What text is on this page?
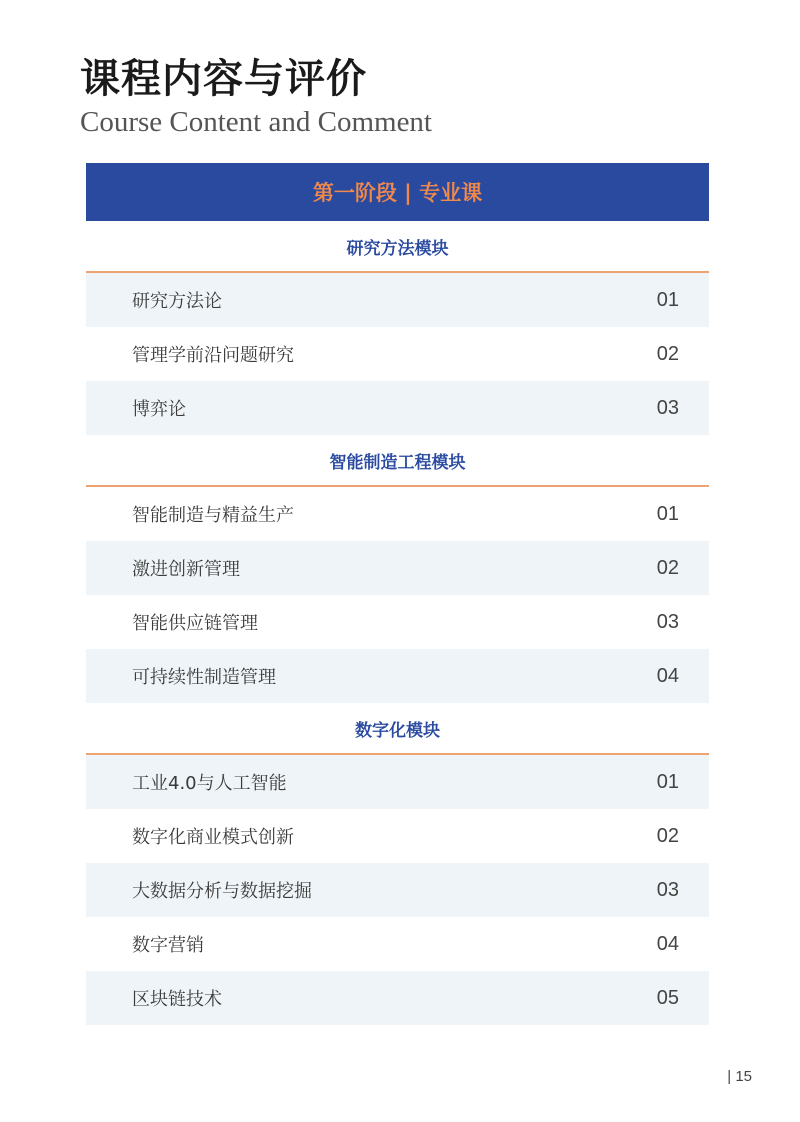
课程内容与评价
Course Content and Comment
第一阶段 | 专业课
研究方法模块
研究方法论	01
管理学前沿问题研究	02
博弈论	03
智能制造工程模块
智能制造与精益生产	01
激进创新管理	02
智能供应链管理	03
可持续性制造管理	04
数字化模块
工业4.0与人工智能	01
数字化商业模式创新	02
大数据分析与数据挖掘	03
数字营销	04
区块链技术	05
| 15
